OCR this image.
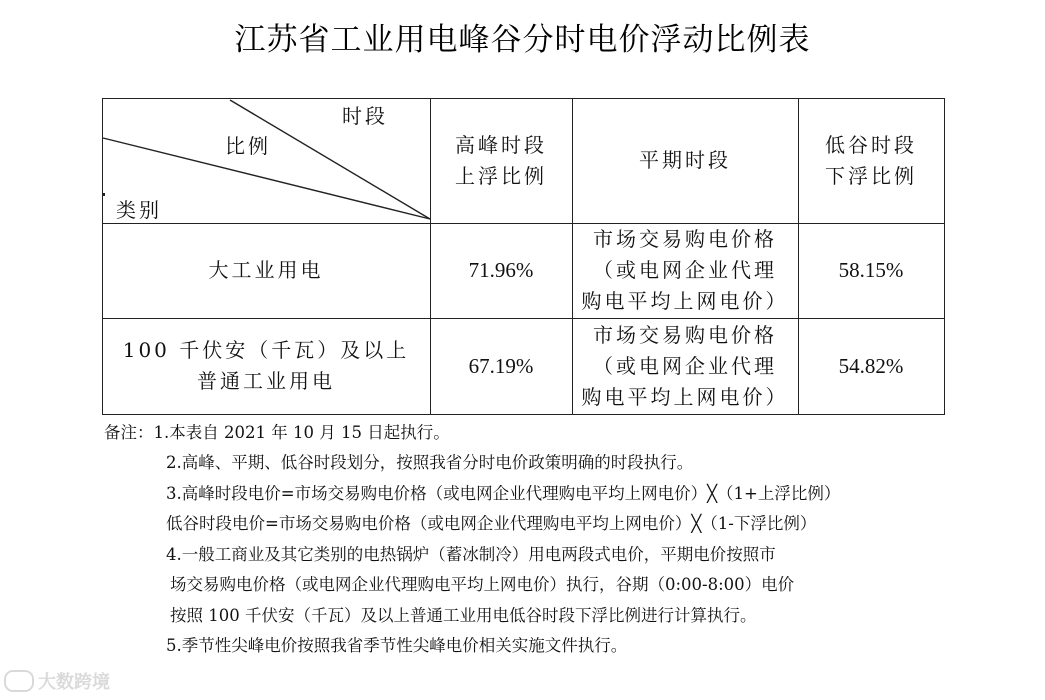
江苏省工业用电峰谷分时电价浮动比例表
时段
比例
类别
高峰时段
上浮比例
平期时段
低谷时段
下浮比例
大工业用电	71.96%
市场交易购电价格
（或电网企业代理
购电平均上网电价）
58.15%
100 千伏安（千瓦）及以上
普通工业用电
67.19%
市场交易购电价格
（或电网企业代理
购电平均上网电价）
54.82%
备注：1.本表自 2021 年 10 月 15 日起执行。
2.高峰、平期、低谷时段划分，按照我省分时电价政策明确的时段执行。
3.高峰时段电价=市场交易购电价格（或电网企业代理购电平均上网电价）╳（1+上浮比例）
低谷时段电价=市场交易购电价格（或电网企业代理购电平均上网电价）╳（1-下浮比例）
4.一般工商业及其它类别的电热锅炉（蓄冰制冷）用电两段式电价，平期电价按照市
场交易购电价格（或电网企业代理购电平均上网电价）执行，谷期（0:00-8:00）电价
按照 100 千伏安（千瓦）及以上普通工业用电低谷时段下浮比例进行计算执行。
5.季节性尖峰电价按照我省季节性尖峰电价相关实施文件执行。
大数跨境
